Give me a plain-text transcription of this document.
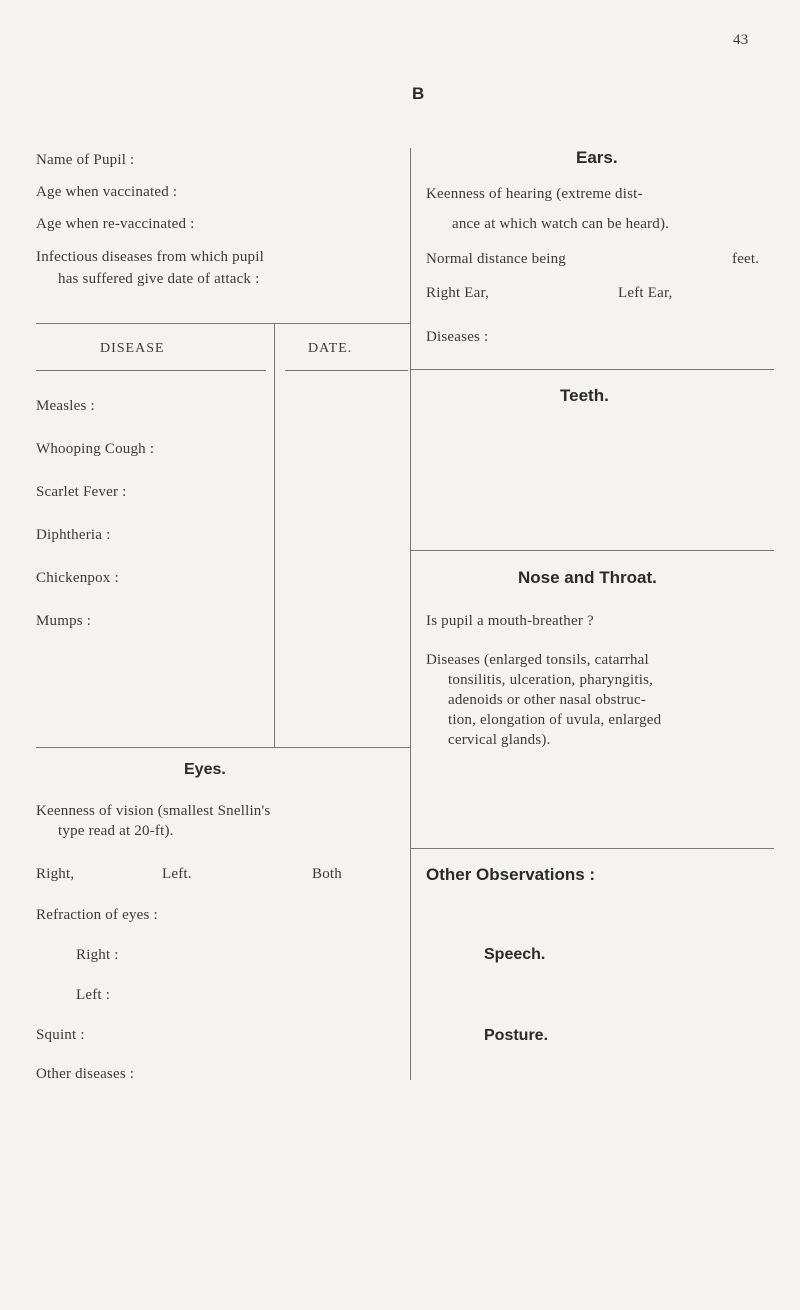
43
B
Name of Pupil :
Age when vaccinated :
Age when re-vaccinated :
Infectious diseases from which pupil
has suffered give date of attack :
DISEASE	DATE.
Measles :
Whooping Cough :
Scarlet Fever :
Diphtheria :
Chickenpox :
Mumps :
Eyes.
Keenness of vision (smallest Snellin's
type read at 20-ft).
Right,	Left.	Both
Refraction of eyes :
Right :
Left :
Squint :
Other diseases :
Ears.
Keenness of hearing (extreme dist-
ance at which watch can be heard).
Normal distance being	feet.
Right Ear,	Left Ear,
Diseases :
Teeth.
Nose and Throat.
Is pupil a mouth-breather ?
Diseases (enlarged tonsils, catarrhal
tonsilitis, ulceration, pharyngitis,
adenoids or other nasal obstruc-
tion, elongation of uvula, enlarged
cervical glands).
Other Observations :
Speech.
Posture.
